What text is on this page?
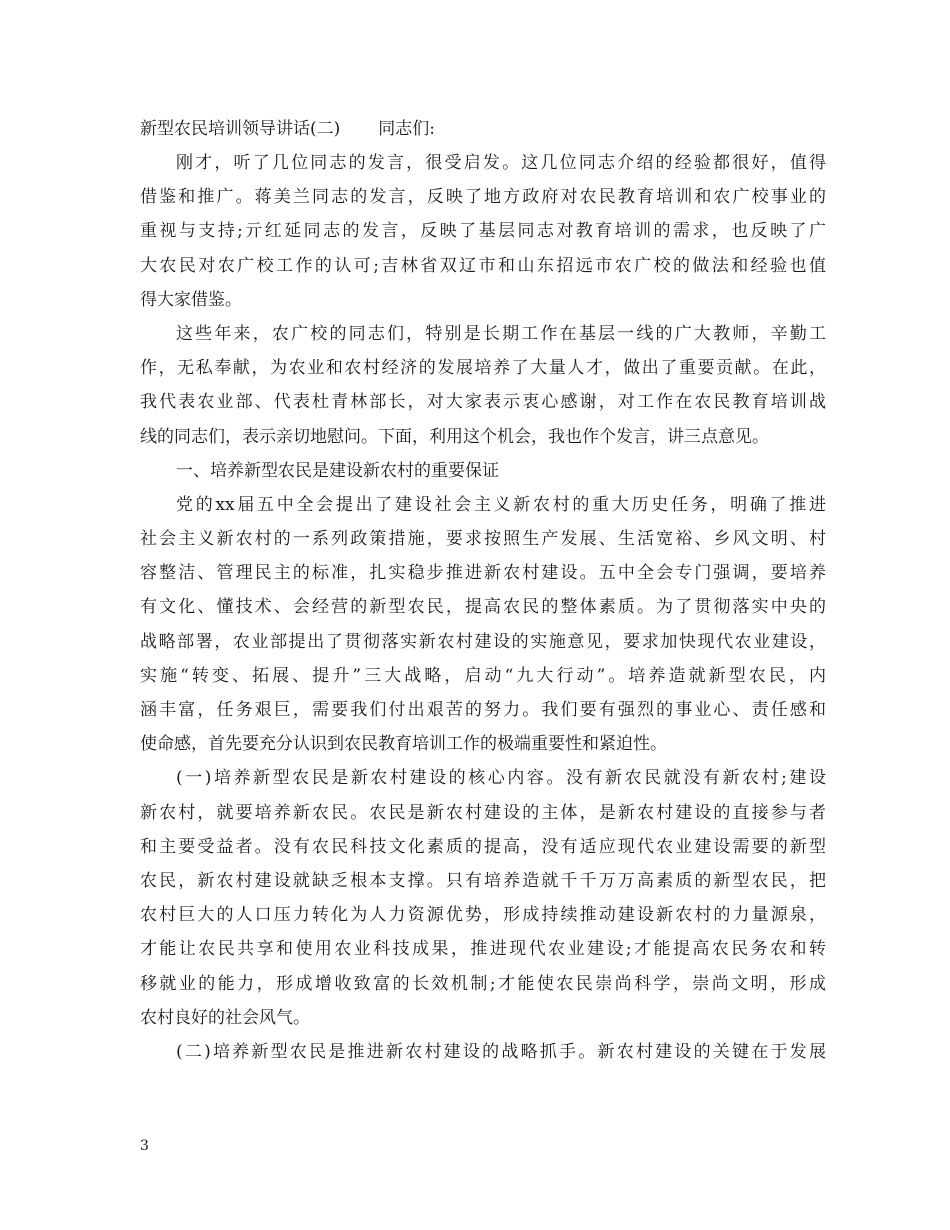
新型农民培训领导讲话(二) 同志们:
刚才，听了几位同志的发言，很受启发。这几位同志介绍的经验都很好，值得
借鉴和推广。蒋美兰同志的发言，反映了地方政府对农民教育培训和农广校事业的
重视与支持;亓红延同志的发言，反映了基层同志对教育培训的需求，也反映了广
大农民对农广校工作的认可;吉林省双辽市和山东招远市农广校的做法和经验也值
得大家借鉴。
这些年来，农广校的同志们，特别是长期工作在基层一线的广大教师，辛勤工
作，无私奉献，为农业和农村经济的发展培养了大量人才，做出了重要贡献。在此，
我代表农业部、代表杜青林部长，对大家表示衷心感谢，对工作在农民教育培训战
线的同志们，表示亲切地慰问。下面，利用这个机会，我也作个发言，讲三点意见。
一、培养新型农民是建设新农村的重要保证
党的xx届五中全会提出了建设社会主义新农村的重大历史任务，明确了推进
社会主义新农村的一系列政策措施，要求按照生产发展、生活宽裕、乡风文明、村
容整洁、管理民主的标准，扎实稳步推进新农村建设。五中全会专门强调，要培养
有文化、懂技术、会经营的新型农民，提高农民的整体素质。为了贯彻落实中央的
战略部署，农业部提出了贯彻落实新农村建设的实施意见，要求加快现代农业建设，
实施“转变、拓展、提升”三大战略，启动“九大行动”。培养造就新型农民，内
涵丰富，任务艰巨，需要我们付出艰苦的努力。我们要有强烈的事业心、责任感和
使命感，首先要充分认识到农民教育培训工作的极端重要性和紧迫性。
(一)培养新型农民是新农村建设的核心内容。没有新农民就没有新农村;建设
新农村，就要培养新农民。农民是新农村建设的主体，是新农村建设的直接参与者
和主要受益者。没有农民科技文化素质的提高，没有适应现代农业建设需要的新型
农民，新农村建设就缺乏根本支撑。只有培养造就千千万万高素质的新型农民，把
农村巨大的人口压力转化为人力资源优势，形成持续推动建设新农村的力量源泉，
才能让农民共享和使用农业科技成果，推进现代农业建设;才能提高农民务农和转
移就业的能力，形成增收致富的长效机制;才能使农民崇尚科学，崇尚文明，形成
农村良好的社会风气。
(二)培养新型农民是推进新农村建设的战略抓手。新农村建设的关键在于发展
3
